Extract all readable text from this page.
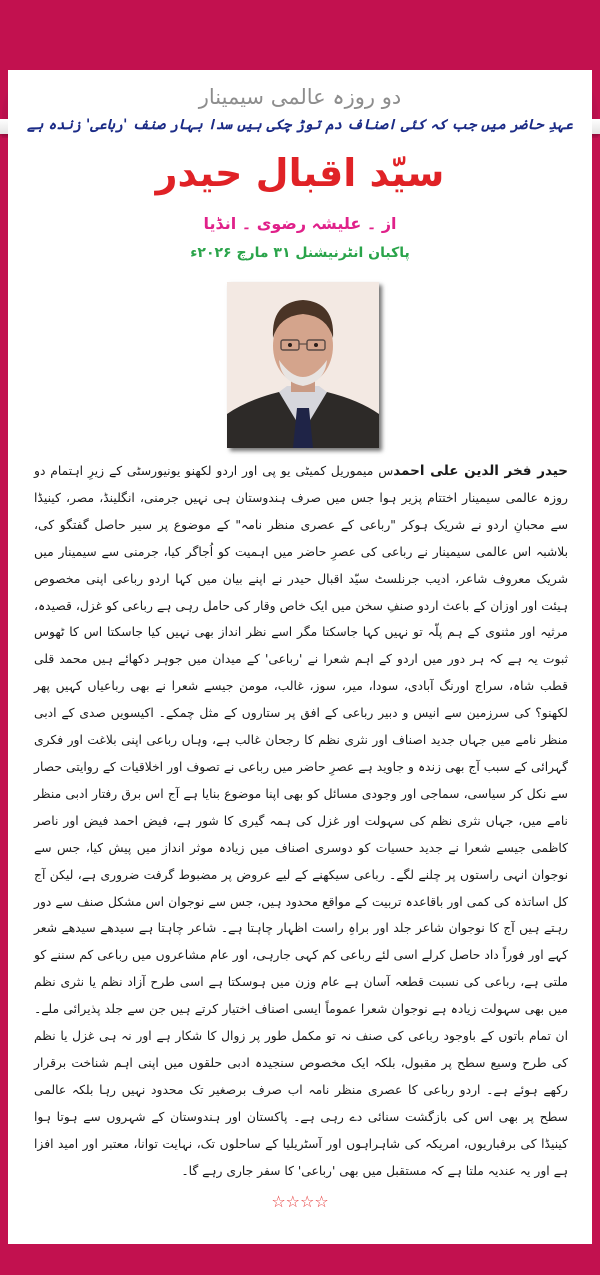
دو روزہ عالمی سیمینار
عہدِ حاضر میں جب کہ کئی اصناف دم توڑ چکی ہیں سدا بہار صنف 'رباعی' زندہ ہے
سیّد اقبال حیدر
از ۔ علیشہ رضوی ۔ انڈیا
پاکبان انٹرنیشنل ۳۱ مارچ ۲۰۲۶ء

حیدر فخر الدین علی احمدس میموریل کمیٹی یو پی اور اردو لکھنو یونیورسٹی کے زیرِ اہتمام دو روزہ عالمی سیمینار اختتام پزیر ہوا جس میں صرف ہندوستان ہی نہیں جرمنی، انگلینڈ، مصر، کینیڈا سے محبانِ اردو نے شریک ہوکر "رباعی کے عصری منظر نامہ" کے موضوع پر سیر حاصل گفتگو کی، بلاشبہ اس عالمی سیمینار نے رباعی کی عصرِ حاضر میں اہمیت کو اُجاگر کیا، جرمنی سے سیمینار میں شریک معروف شاعر، ادیب جرنلسٹ سیّد اقبال حیدر نے اپنے بیان میں کہا اردو رباعی اپنی مخصوص ہیئت اور اوزان کے باعث اردو صنفِ سخن میں ایک خاص وقار کی حامل رہی ہے رباعی کو غزل، قصیدہ، مرثیہ اور مثنوی کے ہم پلّہ تو نہیں کہا جاسکتا مگر اسے نظر انداز بھی نہیں کیا جاسکتا اس کا ٹھوس ثبوت یہ ہے کہ ہر دور میں اردو کے اہم شعرا نے 'رباعی' کے میدان میں جوہر دکھائے ہیں محمد قلی قطب شاہ، سراج اورنگ آبادی، سودا، میر، سوز، غالب، مومن جیسے شعرا نے بھی رباعیاں کہیں پھر لکھنو؟ کی سرزمین سے انیس و دبیر رباعی کے افق پر ستاروں کے مثل چمکے۔ اکیسویں صدی کے ادبی منظر نامے میں جہاں جدید اصناف اور نثری نظم کا رجحان غالب ہے، وہاں رباعی اپنی بلاغت اور فکری گہرائی کے سبب آج بھی زندہ و جاوید ہے عصرِ حاضر میں رباعی نے تصوف اور اخلاقیات کے روایتی حصار سے نکل کر سیاسی، سماجی اور وجودی مسائل کو بھی اپنا موضوع بنایا ہے آج اس برق رفتار ادبی منظر نامے میں، جہاں نثری نظم کی سہولت اور غزل کی ہمہ گیری کا شور ہے، فیض احمد فیض اور ناصر کاظمی جیسے شعرا نے جدید حسیات کو دوسری اصناف میں زیادہ موثر انداز میں پیش کیا، جس سے نوجوان انہی راستوں پر چلنے لگے۔ رباعی سیکھنے کے لیے عروض پر مضبوط گرفت ضروری ہے، لیکن آج کل اساتذہ کی کمی اور باقاعدہ تربیت کے مواقع محدود ہیں، جس سے نوجوان اس مشکل صنف سے دور رہتے ہیں آج کا نوجوان شاعر جلد اور براہِ راست اظہار چاہتا ہے۔ شاعر چاہتا ہے سیدھے سیدھے شعر کہے اور فوراً داد حاصل کرلے اسی لئے رباعی کم کہی جارہی، اور عام مشاعروں میں رباعی کم سننے کو ملتی ہے، رباعی کی نسبت قطعہ آسان ہے عام وزن میں ہوسکتا ہے اسی طرح آزاد نظم یا نثری نظم میں بھی سہولت زیادہ ہے نوجوان شعرا عموماً ایسی اصناف اختیار کرتے ہیں جن سے جلد پذیرائی ملے۔ ان تمام باتوں کے باوجود رباعی کی صنف نہ تو مکمل طور پر زوال کا شکار ہے اور نہ ہی غزل یا نظم کی طرح وسیع سطح پر مقبول، بلکہ ایک مخصوص سنجیدہ ادبی حلقوں میں اپنی اہم شناخت برقرار رکھے ہوئے ہے۔ اردو رباعی کا عصری منظر نامہ اب صرف برصغیر تک محدود نہیں رہا بلکہ عالمی سطح پر بھی اس کی بازگشت سنائی دے رہی ہے۔ پاکستان اور ہندوستان کے شہروں سے ہوتا ہوا کینیڈا کی برفباریوں، امریکہ کی شاہراہوں اور آسٹریلیا کے ساحلوں تک، نہایت توانا، معتبر اور امید افزا ہے اور یہ عندیہ ملتا ہے کہ مستقبل میں بھی 'رباعی' کا سفر جاری رہے گا۔

☆☆☆☆
